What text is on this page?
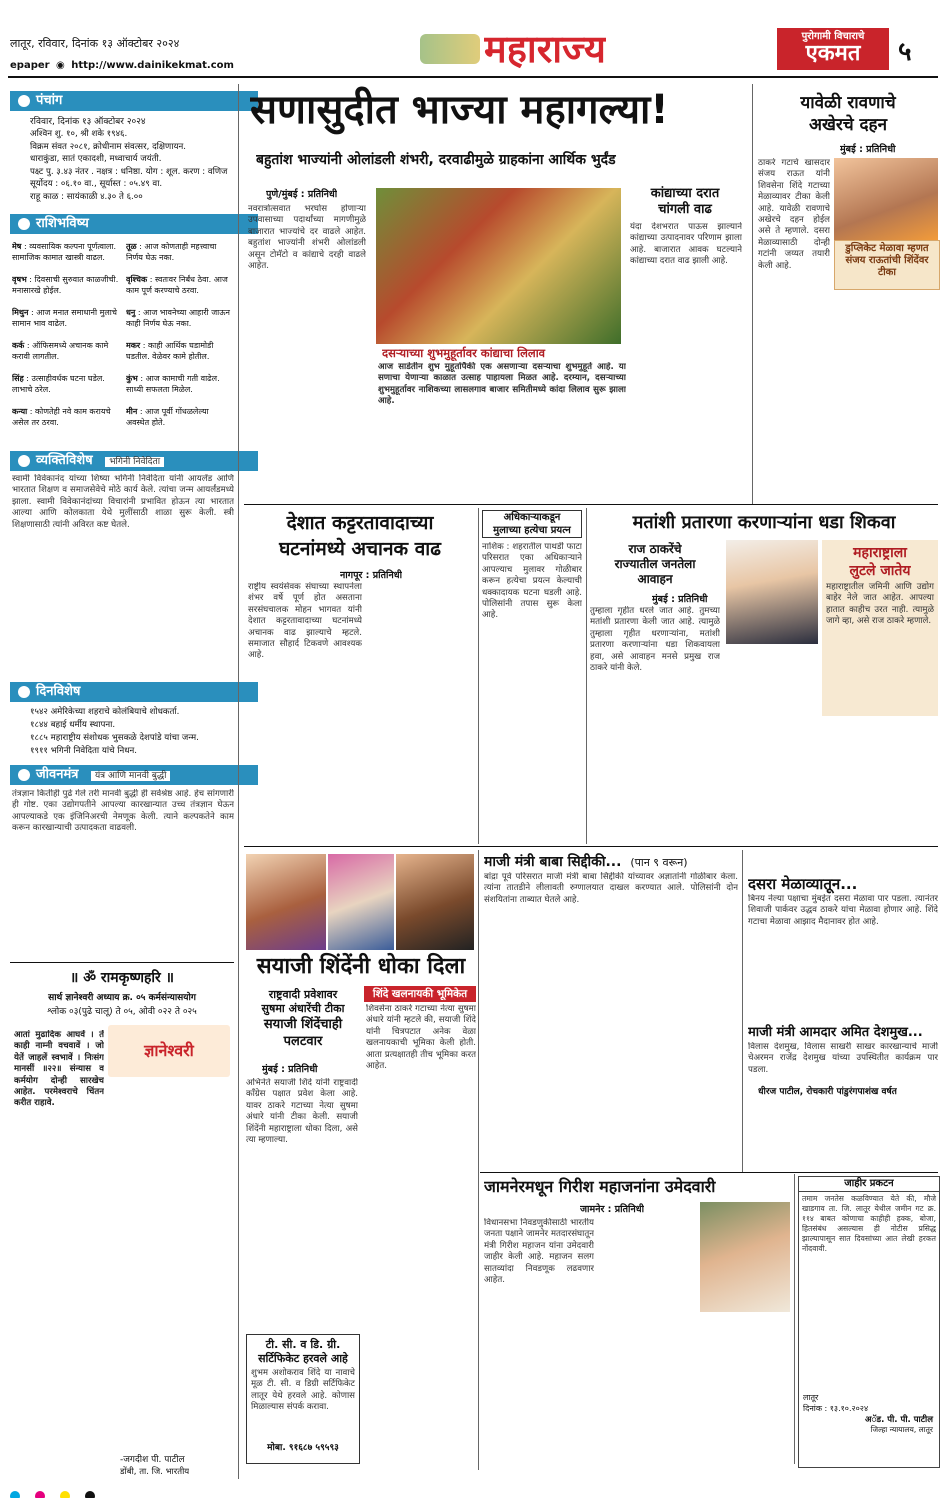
लातूर, रविवार, दिनांक १३ ऑक्टोबर २०२४
epaper ◉ http://www.dainikekmat.com	महाराज्य	पुरोगामी विचाराचे
एकमत	५
पंचांग
रविवार, दिनांक १३ ऑक्टोबर २०२४
अश्विन शु. १०, श्री शके १९४६.
विक्रम संवत २०८१, क्रोधीनाम संवत्सर, दक्षिणायन.
धाराकुंडा, सातं एकादशी, मध्वाचार्य जयंती.
पक्ष्ट पु. ३.४३ नंतर . नक्षत्र : धनिष्ठा. योग : शूल. करण : वणिज
सूर्योदय : ०६.१० वा., सूर्यास्त : ०५.४९ वा.
राहू काळ : सायंकाळी ४.३० ते ६.००
राशिभविष्य
मेष : व्यवसायिक कल्पना पूर्णत्वाला. सामाजिक कामात खास्त्री वाढल.
वृषभ : दिवसाची सुरुवात काळजीची. मनासारखे होईल.
मिथुन : आज मनात समाधानी मुलाचे सामान भाव वाढेल.
कर्क : ऑफिसमध्ये अचानक कामे करावी लागतील.
सिंह : उत्साहीवर्धक घटना घडेल. लाभाचे ठरेल.
कन्या : कोणतेही नवे काम करायचे असेल तर ठरवा.
तूळ : आज कोणताही महत्त्वाचा निर्णय घेऊ नका.
वृश्चिक : स्वतःवर निर्बंध ठेवा. आज काम पूर्ण करण्याचे ठरवा.
धनु : आज भावनेच्या आहारी जाऊन काही निर्णय घेऊ नका.
मकर : काही आर्थिक घडामोडी घडतील. वेळेवर कामे होतील.
कुंभ : आज कामाची गती वाढेल. साध्यी सफलता मिळेल.
मीन : आज पूर्वी गोंधळलेल्या अवस्थेत होते.
व्यक्तिविशेष भगिनी निवेदिता
स्वामी विवेकानंद यांच्या शिष्या भगिनी निवेदिता यांनी आयर्लंड आणि भारतात शिक्षण व समाजसेवेचे मोठे कार्य केले. त्यांचा जन्म आयर्लंडमध्ये झाला. स्वामी विवेकानंदांच्या विचारांनी प्रभावित होऊन त्या भारतात आल्या आणि कोलकाता येथे मुलींसाठी शाळा सुरू केली. स्त्री शिक्षणासाठी त्यांनी अविरत कष्ट घेतले.
दिनविशेष
१५४२ अमेरिकेच्या शहराचे कोलंबियाचे शोधकर्ता.
१८४४ बहाई धर्मीय स्थापना.
१८८५ महाराष्ट्रीय संशोधक भुसकळे देशपांडे यांचा जन्म.
१९११ भगिनी निवेदिता यांचे निधन.
जीवनमंत्र यंत्र आणि मानवी बुद्धी
तंत्रज्ञान कितीही पुढे गेले तरी मानवी बुद्धी ही सर्वश्रेष्ठ आहे. हेच सांगणारी ही गोष्ट. एका उद्योगपतीने आपल्या कारखान्यात उच्च तंत्रज्ञान घेऊन आपल्याकडे एक इंजिनिअरची नेमणूक केली. त्याने कल्पकतेने काम करून कारखान्याची उत्पादकता वाढवली.
॥ ॐ रामकृष्णहरि ॥
सार्थ ज्ञानेश्वरी अध्याय क्र. ०५ कर्मसंन्यासयोग
श्लोक ०३(पुढे चालू) ते ०५, ओवी ०२२ ते ०२५
ज्ञानेश्वरी
आतां मुढादिक आघवें । तें काही नाम्नी वचवावें । जो येतें जाहलें स्वभावें । निःसंग मानसीं ॥२२॥ संन्यास व कर्मयोग दोन्ही सारखेच आहेत. परमेश्वराचे चिंतन करीत राहावे.
-जगदीश पी. पाटील
डोंबी, ता. जि. भारतीय
सणासुदीत भाज्या महागल्या!
बहुतांश भाज्यांनी ओलांडली शंभरी, दरवाढीमुळे ग्राहकांना आर्थिक भुर्दंड
पुणे/मुंबई : प्रतिनिधी
नवरात्रोत्सवात भरघोस होणाऱ्या उपवासाच्या पदार्थांच्या मागणीमुळे बाजारात भाज्यांचे दर वाढले आहेत. बहुतांश भाज्यांनी शंभरी ओलांडली असून टोमॅटो व कांद्याचे दरही वाढले आहेत.
दसऱ्याच्या शुभमुहूर्तावर कांद्याचा लिलाव
आज साडेतीन शुभ मुहूर्तापैकी एक असणाऱ्या दसऱ्याचा शुभमुहूर्त आहे. या सणाचा येणाऱ्या काळात उत्साह पाहायला मिळत आहे. दरम्यान, दसऱ्याच्या शुभमुहूर्तावर नाशिकच्या लासलगाव बाजार समितीमध्ये कांदा लिलाव सुरू झाला आहे.
कांद्याच्या दरात
चांगली वाढ
यंदा देशभरात पाऊस झाल्याने कांद्याच्या उत्पादनावर परिणाम झाला आहे. बाजारात आवक घटल्याने कांद्याच्या दरात वाढ झाली आहे.
यावेळी रावणाचे
अखेरचे दहन
मुंबई : प्रतिनिधी
ठाकरे गटाचे खासदार संजय राऊत यांनी शिवसेना शिंदे गटाच्या मेळाव्यावर टीका केली आहे. यावेळी रावणाचे अखेरचे दहन होईल असे ते म्हणाले. दसरा मेळाव्यासाठी दोन्ही गटांनी जय्यत तयारी केली आहे.
डुप्लिकेट मेळावा म्हणत संजय राऊतांची शिंदेंवर टीका
देशात कट्टरतावादाच्या
घटनांमध्ये अचानक वाढ
नागपूर : प्रतिनिधी
राष्ट्रीय स्वयंसेवक संघाच्या स्थापनेला शंभर वर्षे पूर्ण होत असताना सरसंघचालक मोहन भागवत यांनी देशात कट्टरतावादाच्या घटनांमध्ये अचानक वाढ झाल्याचे म्हटले. समाजात सौहार्द टिकवणे आवश्यक आहे.
अधिकाऱ्याकडून
मुलाच्या हत्येचा प्रयत्न
नाशिक : शहरातील पाथर्डी फाटा परिसरात एका अधिकाऱ्याने आपल्याच मुलावर गोळीबार करून हत्येचा प्रयत्न केल्याची धक्कादायक घटना घडली आहे. पोलिसांनी तपास सुरू केला आहे.
मतांशी प्रतारणा करणाऱ्यांना धडा शिकवा
राज ठाकरेंचे
राज्यातील जनतेला
आवाहन
मुंबई : प्रतिनिधी
तुम्हाला गृहीत धरले जात आहे. तुमच्या मतांशी प्रतारणा केली जात आहे. त्यामुळे तुम्हाला गृहीत धरणाऱ्यांना, मतांशी प्रतारणा करणाऱ्यांना धडा शिकवायला हवा, असे आवाहन मनसे प्रमुख राज ठाकरे यांनी केले.
महाराष्ट्राला
लुटले जातेय
महाराष्ट्रातील जमिनी आणि उद्योग बाहेर नेले जात आहेत. आपल्या हातात काहीच उरत नाही. त्यामुळे जागे व्हा, असे राज ठाकरे म्हणाले.
सयाजी शिंदेंनी धोका दिला
राष्ट्रवादी प्रवेशावर
सुषमा अंधारेंची टीका
सयाजी शिंदेंचाही
पलटवार
मुंबई : प्रतिनिधी
अभिनेते सयाजी शिंदे यांनी राष्ट्रवादी काँग्रेस पक्षात प्रवेश केला आहे. यावर ठाकरे गटाच्या नेत्या सुषमा अंधारे यांनी टीका केली. सयाजी शिंदेंनी महाराष्ट्राला धोका दिला, असे त्या म्हणाल्या.
शिंदे खलनायकी भूमिकेत
शिवसेना ठाकरे गटाच्या नेत्या सुषमा अंधारे यांनी म्हटले की, सयाजी शिंदे यांनी चित्रपटात अनेक वेळा खलनायकाची भूमिका केली होती. आता प्रत्यक्षातही तीच भूमिका करत आहेत.
टी. सी. व डि. ग्री.
सर्टिफिकेट हरवले आहे
शुभम अशोकराव शिंदे या नावाचे मूळ टी. सी. व डिग्री सर्टिफिकेट लातूर येथे हरवले आहे. कोणास मिळाल्यास संपर्क करावा.
मोबा. ९१६८७ ५९५९३
माजी मंत्री बाबा सिद्दीकी... (पान ९ वरून)
बांद्रा पूर्व परिसरात माजी मंत्री बाबा सिद्दीकी यांच्यावर अज्ञातांनी गोळीबार केला. त्यांना तातडीने लीलावती रुग्णालयात दाखल करण्यात आले. पोलिसांनी दोन संशयितांना ताब्यात घेतले आहे.
दसरा मेळाव्यातून...
बिनय नेल्या पक्षाचा मुंबईत दसरा मेळावा पार पडला. त्यानंतर शिवाजी पार्कवर उद्धव ठाकरे यांचा मेळावा होणार आहे. शिंदे गटाचा मेळावा आझाद मैदानावर होत आहे.
माजी मंत्री आमदार अमित देशमुख...
विलास देशमुख, विलास साखरी साखर कारखान्याचे माजी चेअरमन राजेंद्र देशमुख यांच्या उपस्थितीत कार्यक्रम पार पडला.
धीरज पाटील, रोचकारी पांडुरंगपाशंख वर्षत
जामनेरमधून गिरीश महाजनांना उमेदवारी
जामनेर : प्रतिनिधी
विधानसभा निवडणुकीसाठी भारतीय जनता पक्षाने जामनेर मतदारसंघातून मंत्री गिरीश महाजन यांना उमेदवारी जाहीर केली आहे. महाजन सलग सातव्यांदा निवडणूक लढवणार आहेत.
जाहीर प्रकटन
तमाम जनतेस कळविण्यात येते की, मौजे खाडगाव ता. जि. लातूर येथील जमीन गट क्र. ११४ बाबत कोणाचा काहीही हक्क, बोजा, हितसंबंध असल्यास ही नोटीस प्रसिद्ध झाल्यापासून सात दिवसांच्या आत लेखी हरकत नोंदवावी.
लातूर
दिनांक : १३.१०.२०२४
अॅड. पी. पी. पाटील
जिल्हा न्यायालय, लातूर
